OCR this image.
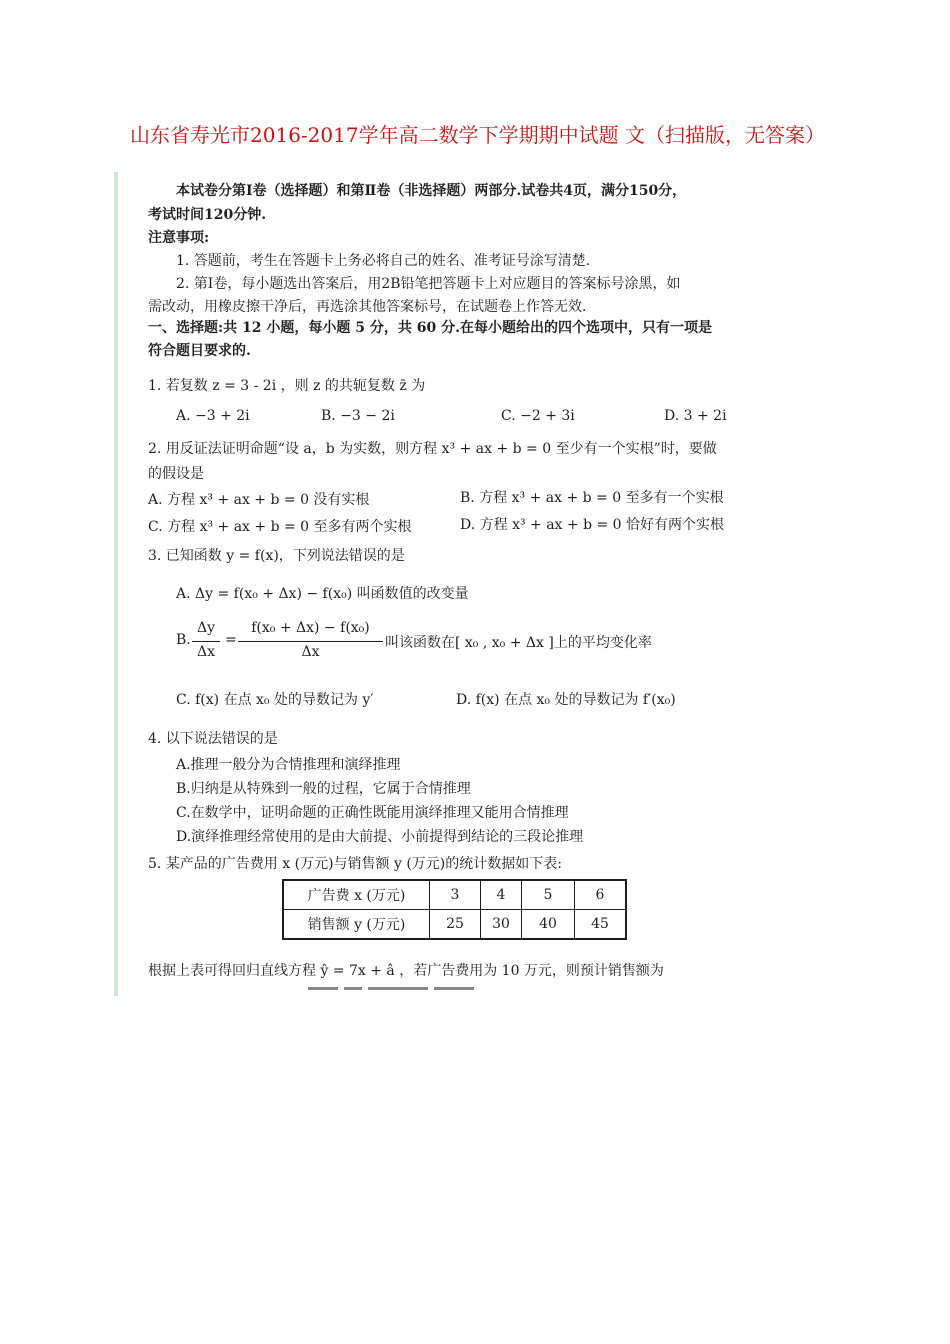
山东省寿光市2016-2017学年高二数学下学期期中试题 文（扫描版，无答案）
本试卷分第Ⅰ卷（选择题）和第Ⅱ卷（非选择题）两部分.试卷共4页，满分150分，
考试时间120分钟.
注意事项:
1. 答题前，考生在答题卡上务必将自己的姓名、准考证号涂写清楚.
2. 第Ⅰ卷，每小题选出答案后，用2B铅笔把答题卡上对应题目的答案标号涂黑，如
需改动，用橡皮擦干净后，再选涂其他答案标号，在试题卷上作答无效.
一、选择题:共 12 小题，每小题 5 分，共 60 分.在每小题给出的四个选项中，只有一项是
符合题目要求的.
1. 若复数 z = 3 - 2i ，则 z 的共轭复数 z̄ 为
A. −3 + 2i	B. −3 − 2i	C. −2 + 3i	D. 3 + 2i
2. 用反证法证明命题“设 a，b 为实数，则方程 x³ + ax + b = 0 至少有一个实根”时，要做
的假设是
A. 方程 x³ + ax + b = 0 没有实根	B. 方程 x³ + ax + b = 0 至多有一个实根
C. 方程 x³ + ax + b = 0 至多有两个实根	D. 方程 x³ + ax + b = 0 恰好有两个实根
3. 已知函数 y = f(x)，下列说法错误的是
A. Δy = f(x₀ + Δx) − f(x₀) 叫函数值的改变量
B.
Δy
Δx
=
f(x₀ + Δx) − f(x₀)
Δx
叫该函数在[ x₀ , x₀ + Δx ]上的平均变化率
C. f(x) 在点 x₀ 处的导数记为 y′	D. f(x) 在点 x₀ 处的导数记为 f′(x₀)
4. 以下说法错误的是
A.推理一般分为合情推理和演绎推理
B.归纳是从特殊到一般的过程，它属于合情推理
C.在数学中，证明命题的正确性既能用演绎推理又能用合情推理
D.演绎推理经常使用的是由大前提、小前提得到结论的三段论推理
5. 某产品的广告费用 x (万元)与销售额 y (万元)的统计数据如下表:
广告费 x (万元)	3	4	5	6
销售额 y (万元)	25	30	40	45
根据上表可得回归直线方程 ŷ = 7x + â ，若广告费用为 10 万元，则预计销售额为
